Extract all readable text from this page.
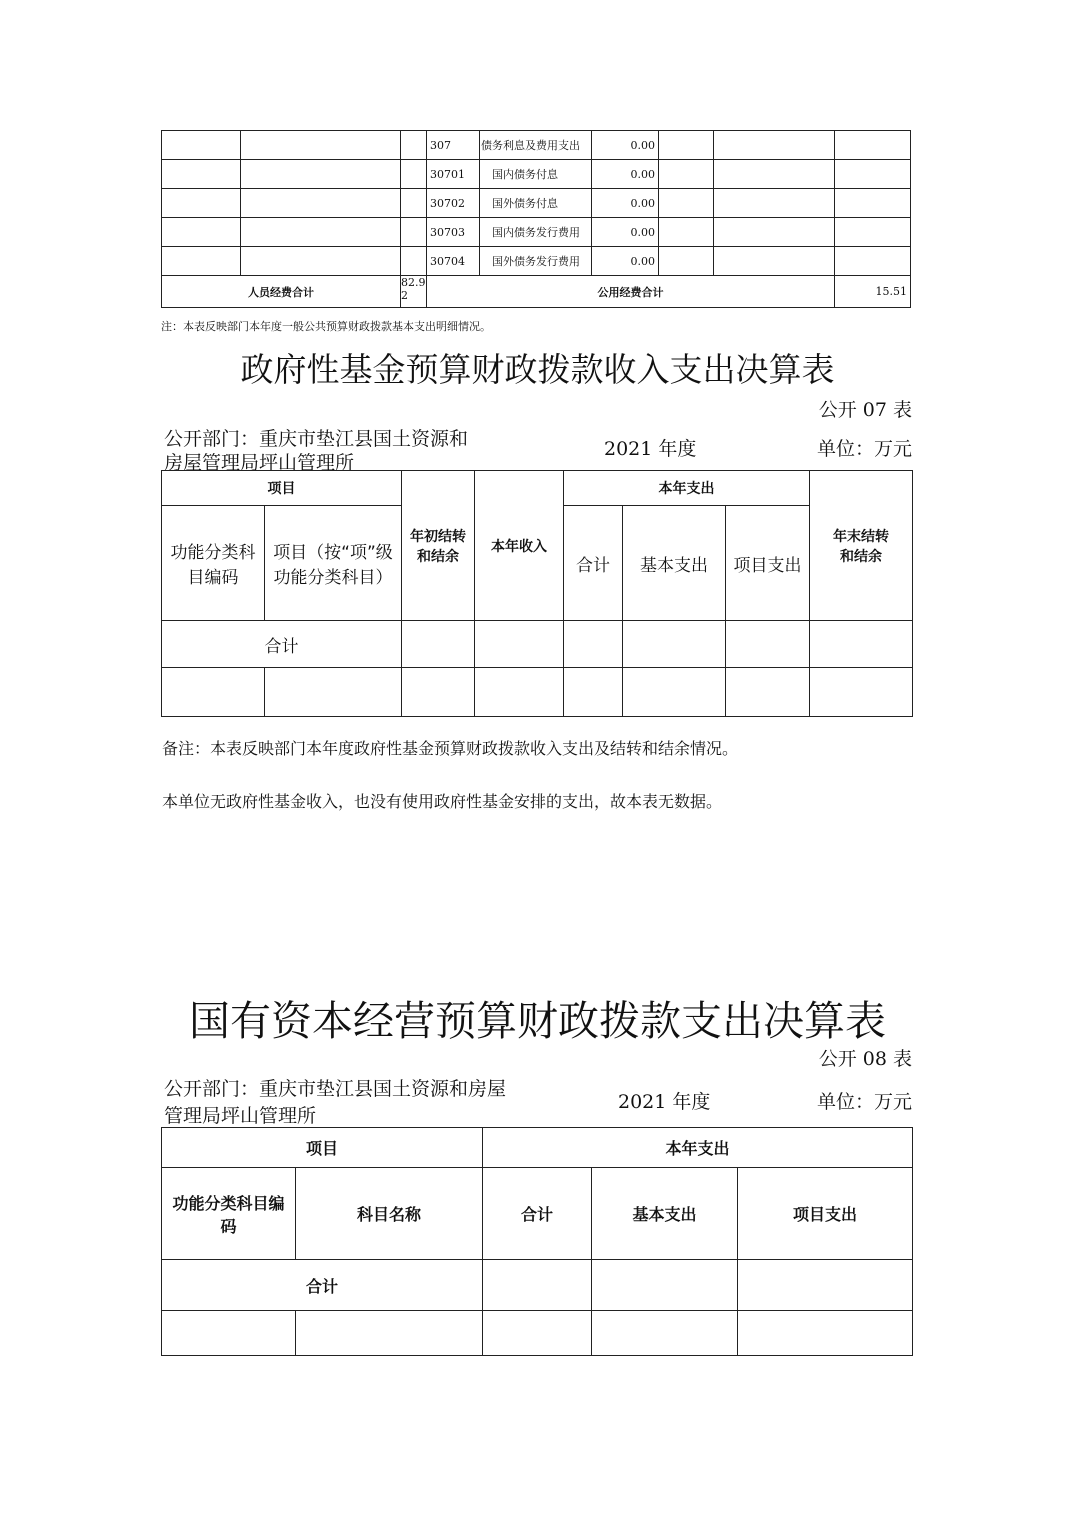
			307	债务利息及费用支出	0.00			
			30701	国内债务付息	0.00			
			30702	国外债务付息	0.00			
			30703	国内债务发行费用	0.00			
			30704	国外债务发行费用	0.00			
人员经费合计		82.92	公用经费合计					15.51
注：本表反映部门本年度一般公共预算财政拨款基本支出明细情况。
政府性基金预算财政拨款收入支出决算表
公开 07 表
公开部门：重庆市垫江县国土资源和
房屋管理局坪山管理所
2021 年度	单位：万元
项目		年初结转和结余	本年收入	本年支出			年末结转和结余
功能分类科目编码	项目（按“项”级功能分类科目）			合计	基本支出	项目支出	
合计							

备注：本表反映部门本年度政府性基金预算财政拨款收入支出及结转和结余情况。
本单位无政府性基金收入，也没有使用政府性基金安排的支出，故本表无数据。
国有资本经营预算财政拨款支出决算表
公开 08 表
公开部门：重庆市垫江县国土资源和房屋
管理局坪山管理所
2021 年度	单位：万元
项目		本年支出		
功能分类科目编码	科目名称	合计	基本支出	项目支出
合计				
